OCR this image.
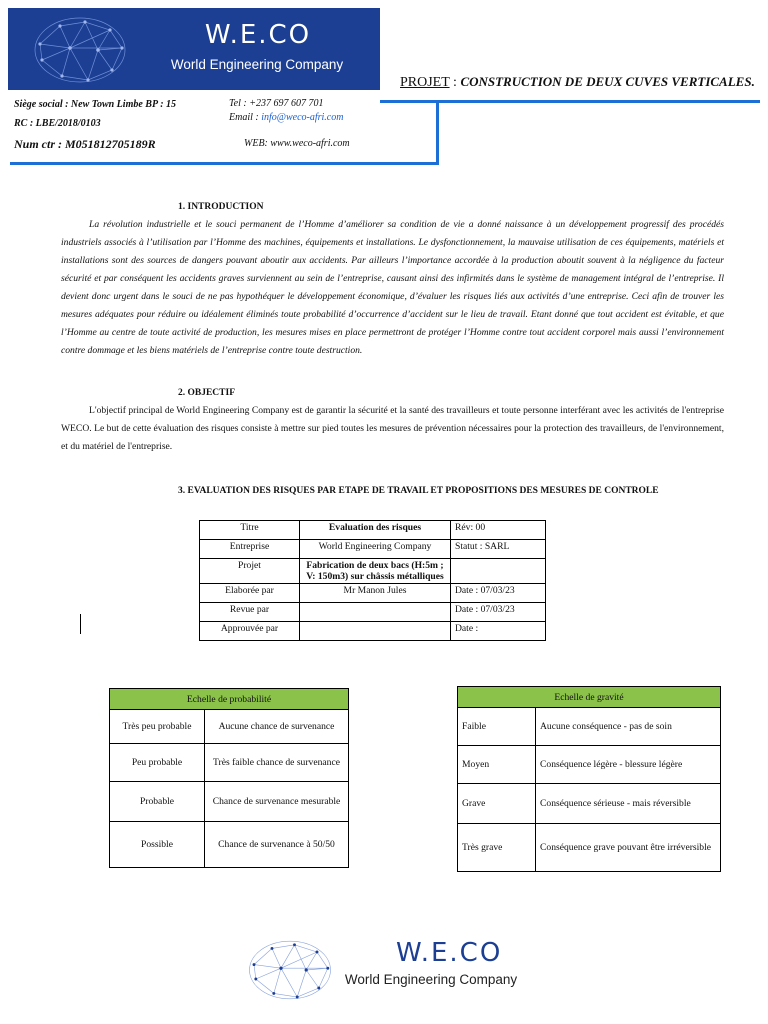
W.E.CO
World Engineering Company
PROJET : CONSTRUCTION DE DEUX CUVES VERTICALES.
Siège social : New Town Limbe BP : 15
RC : LBE/2018/0103
Num ctr : M051812705189R
Tel : +237 697 607 701
Email : info@weco-afri.com
WEB: www.weco-afri.com
1. INTRODUCTION
La révolution industrielle et le souci permanent de l’Homme d’améliorer sa condition de vie a donné naissance à un développement progressif des procédés industriels associés à l’utilisation par l’Homme des machines, équipements et installations. Le dysfonctionnement, la mauvaise utilisation de ces équipements, matériels et installations sont des sources de dangers pouvant aboutir aux accidents. Par ailleurs l’importance accordée à la production aboutit souvent à la négligence du facteur sécurité et par conséquent les accidents graves surviennent au sein de l’entreprise, causant ainsi des infirmités dans le système de management intégral de l’entreprise. Il devient donc urgent dans le souci de ne pas hypothéquer le développement économique, d’évaluer les risques liés aux activités d’une entreprise. Ceci afin de trouver les mesures adéquates pour réduire ou idéalement éliminés toute probabilité d’occurrence d’accident sur le lieu de travail. Etant donné que tout accident est évitable, et que l’Homme au centre de toute activité de production, les mesures mises en place permettront de protéger l’Homme contre tout accident corporel mais aussi l’environnement contre dommage et les biens matériels de l’entreprise contre toute destruction.
2. OBJECTIF
L'objectif principal de World Engineering Company est de garantir la sécurité et la santé des travailleurs et toute personne interférant avec les activités de l'entreprise WECO. Le but de cette évaluation des risques consiste à mettre sur pied toutes les mesures de prévention nécessaires pour la protection des travailleurs, de l'environnement, et du matériel de l'entreprise.
3. EVALUATION DES RISQUES PAR ETAPE DE TRAVAIL ET PROPOSITIONS DES MESURES DE CONTROLE
Titre	Evaluation des risques	Rév: 00
Entreprise	World Engineering Company	Statut : SARL
Projet	Fabrication de deux bacs (H:5m ; V: 150m3) sur châssis métalliques	
Elaborée par	Mr Manon Jules	Date : 07/03/23
Revue par		Date : 07/03/23
Approuvée par		Date :
Echelle de probabilité	
Très peu probable	Aucune chance de survenance
Peu probable	Très faible chance de survenance
Probable	Chance de survenance mesurable
Possible	Chance de survenance à 50/50
Echelle de gravité	
Faible	Aucune conséquence - pas de soin
Moyen	Conséquence légère - blessure légère
Grave	Conséquence sérieuse - mais réversible
Très grave	Conséquence grave pouvant être irréversible
W.E.CO
World Engineering Company
